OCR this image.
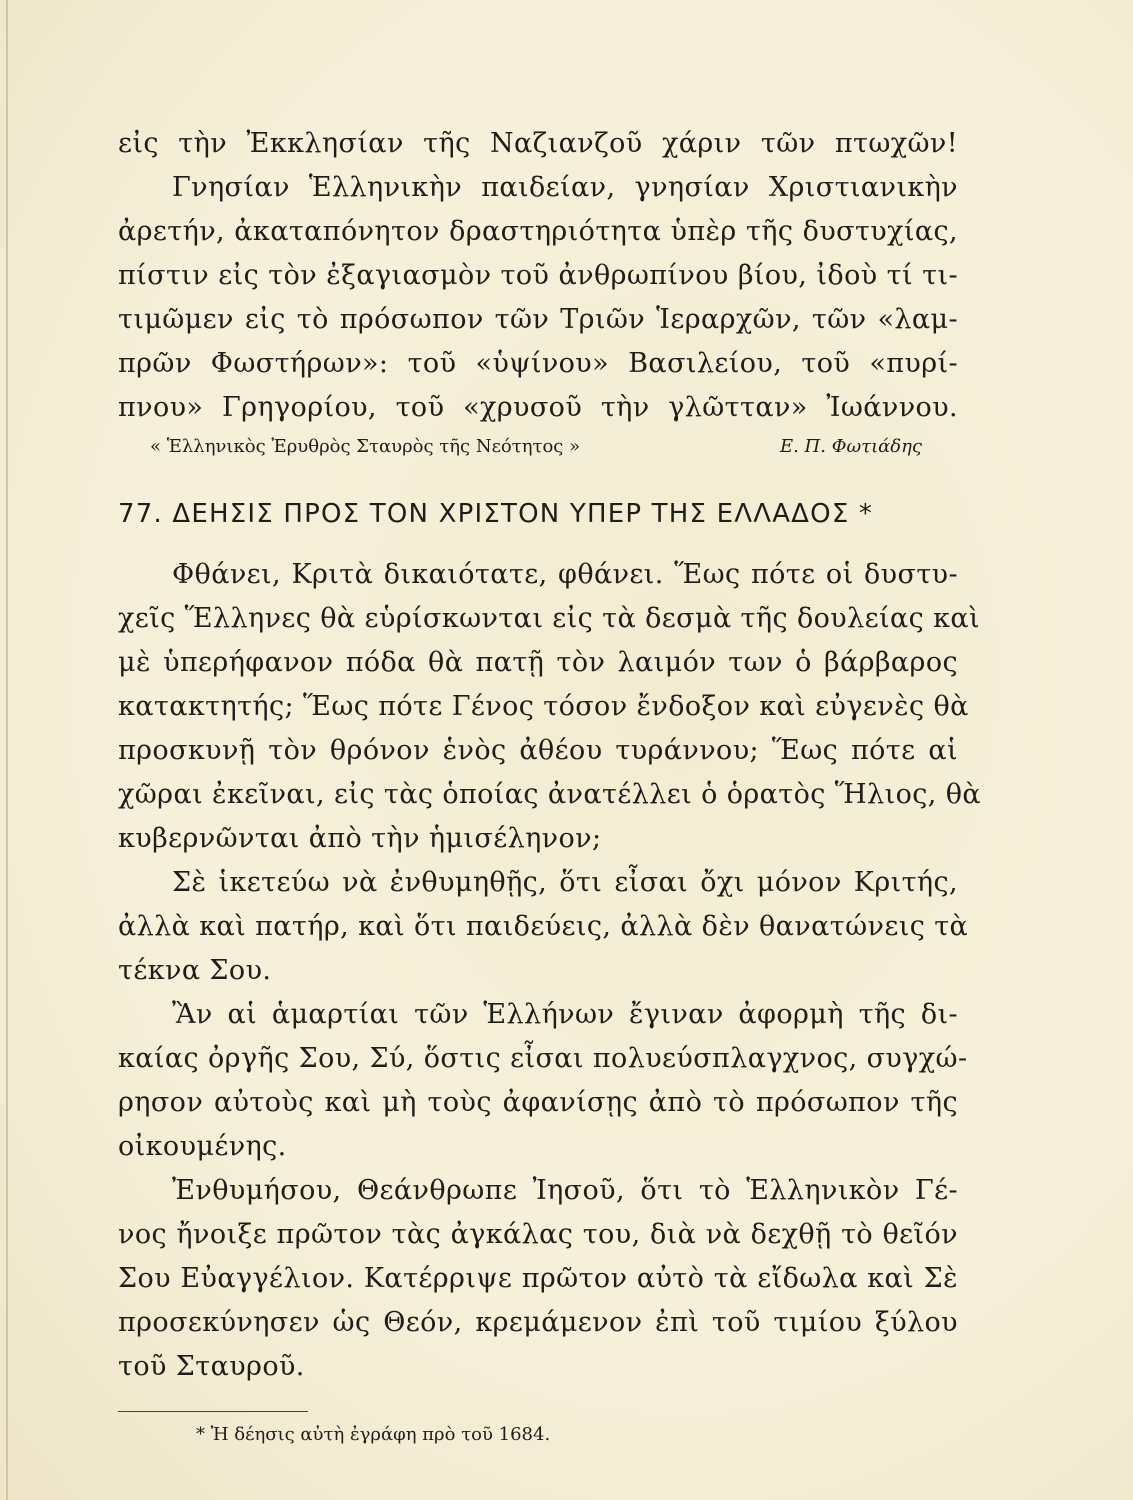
εἰς τὴν Ἐκκλησίαν τῆς Ναζιανζοῦ χάριν τῶν πτωχῶν!
Γνησίαν Ἑλληνικὴν παιδείαν, γνησίαν Χριστιανικὴν
ἀρετήν, ἀκαταπόνητον δραστηριότητα ὑπὲρ τῆς δυστυχίας,
πίστιν εἰς τὸν ἐξαγιασμὸν τοῦ ἀνθρωπίνου βίου, ἰδοὺ τί τι-
τιμῶμεν εἰς τὸ πρόσωπον τῶν Τριῶν Ἱεραρχῶν, τῶν «λαμ-
πρῶν Φωστήρων»: τοῦ «ὑψίνου» Βασιλείου, τοῦ «πυρί-
πνου» Γρηγορίου, τοῦ «χρυσοῦ τὴν γλῶτταν» Ἰωάννου.
« Ἑλληνικὸς Ἐρυθρὸς Σταυρὸς τῆς Νεότητος »	Ε. Π. Φωτιάδης
77. ΔΕΗΣΙΣ ΠΡΟΣ ΤΟΝ ΧΡΙΣΤΟΝ ΥΠΕΡ ΤΗΣ ΕΛΛΑΔΟΣ *
Φθάνει, Κριτὰ δικαιότατε, φθάνει. Ἕως πότε οἱ δυστυ-
χεῖς Ἕλληνες θὰ εὑρίσκωνται εἰς τὰ δεσμὰ τῆς δουλείας καὶ
μὲ ὑπερήφανον πόδα θὰ πατῇ τὸν λαιμόν των ὁ βάρβαρος
κατακτητής; Ἕως πότε Γένος τόσον ἔνδοξον καὶ εὐγενὲς θὰ
προσκυνῇ τὸν θρόνον ἑνὸς ἀθέου τυράννου; Ἕως πότε αἱ
χῶραι ἐκεῖναι, εἰς τὰς ὁποίας ἀνατέλλει ὁ ὁρατὸς Ἥλιος, θὰ
κυβερνῶνται ἀπὸ τὴν ἡμισέληνον;
Σὲ ἱκετεύω νὰ ἐνθυμηθῇς, ὅτι εἶσαι ὄχι μόνον Κριτής,
ἀλλὰ καὶ πατήρ, καὶ ὅτι παιδεύεις, ἀλλὰ δὲν θανατώνεις τὰ
τέκνα Σου.
Ἂν αἱ ἁμαρτίαι τῶν Ἑλλήνων ἔγιναν ἀφορμὴ τῆς δι-
καίας ὀργῆς Σου, Σύ, ὅστις εἶσαι πολυεύσπλαγχνος, συγχώ-
ρησον αὐτοὺς καὶ μὴ τοὺς ἀφανίσῃς ἀπὸ τὸ πρόσωπον τῆς
οἰκουμένης.
Ἐνθυμήσου, Θεάνθρωπε Ἰησοῦ, ὅτι τὸ Ἑλληνικὸν Γέ-
νος ἤνοιξε πρῶτον τὰς ἀγκάλας του, διὰ νὰ δεχθῇ τὸ θεῖόν
Σου Εὐαγγέλιον. Κατέρριψε πρῶτον αὐτὸ τὰ εἴδωλα καὶ Σὲ
προσεκύνησεν ὡς Θεόν, κρεμάμενον ἐπὶ τοῦ τιμίου ξύλου
τοῦ Σταυροῦ.
* Ἡ δέησις αὐτὴ ἐγράφη πρὸ τοῦ 1684.
